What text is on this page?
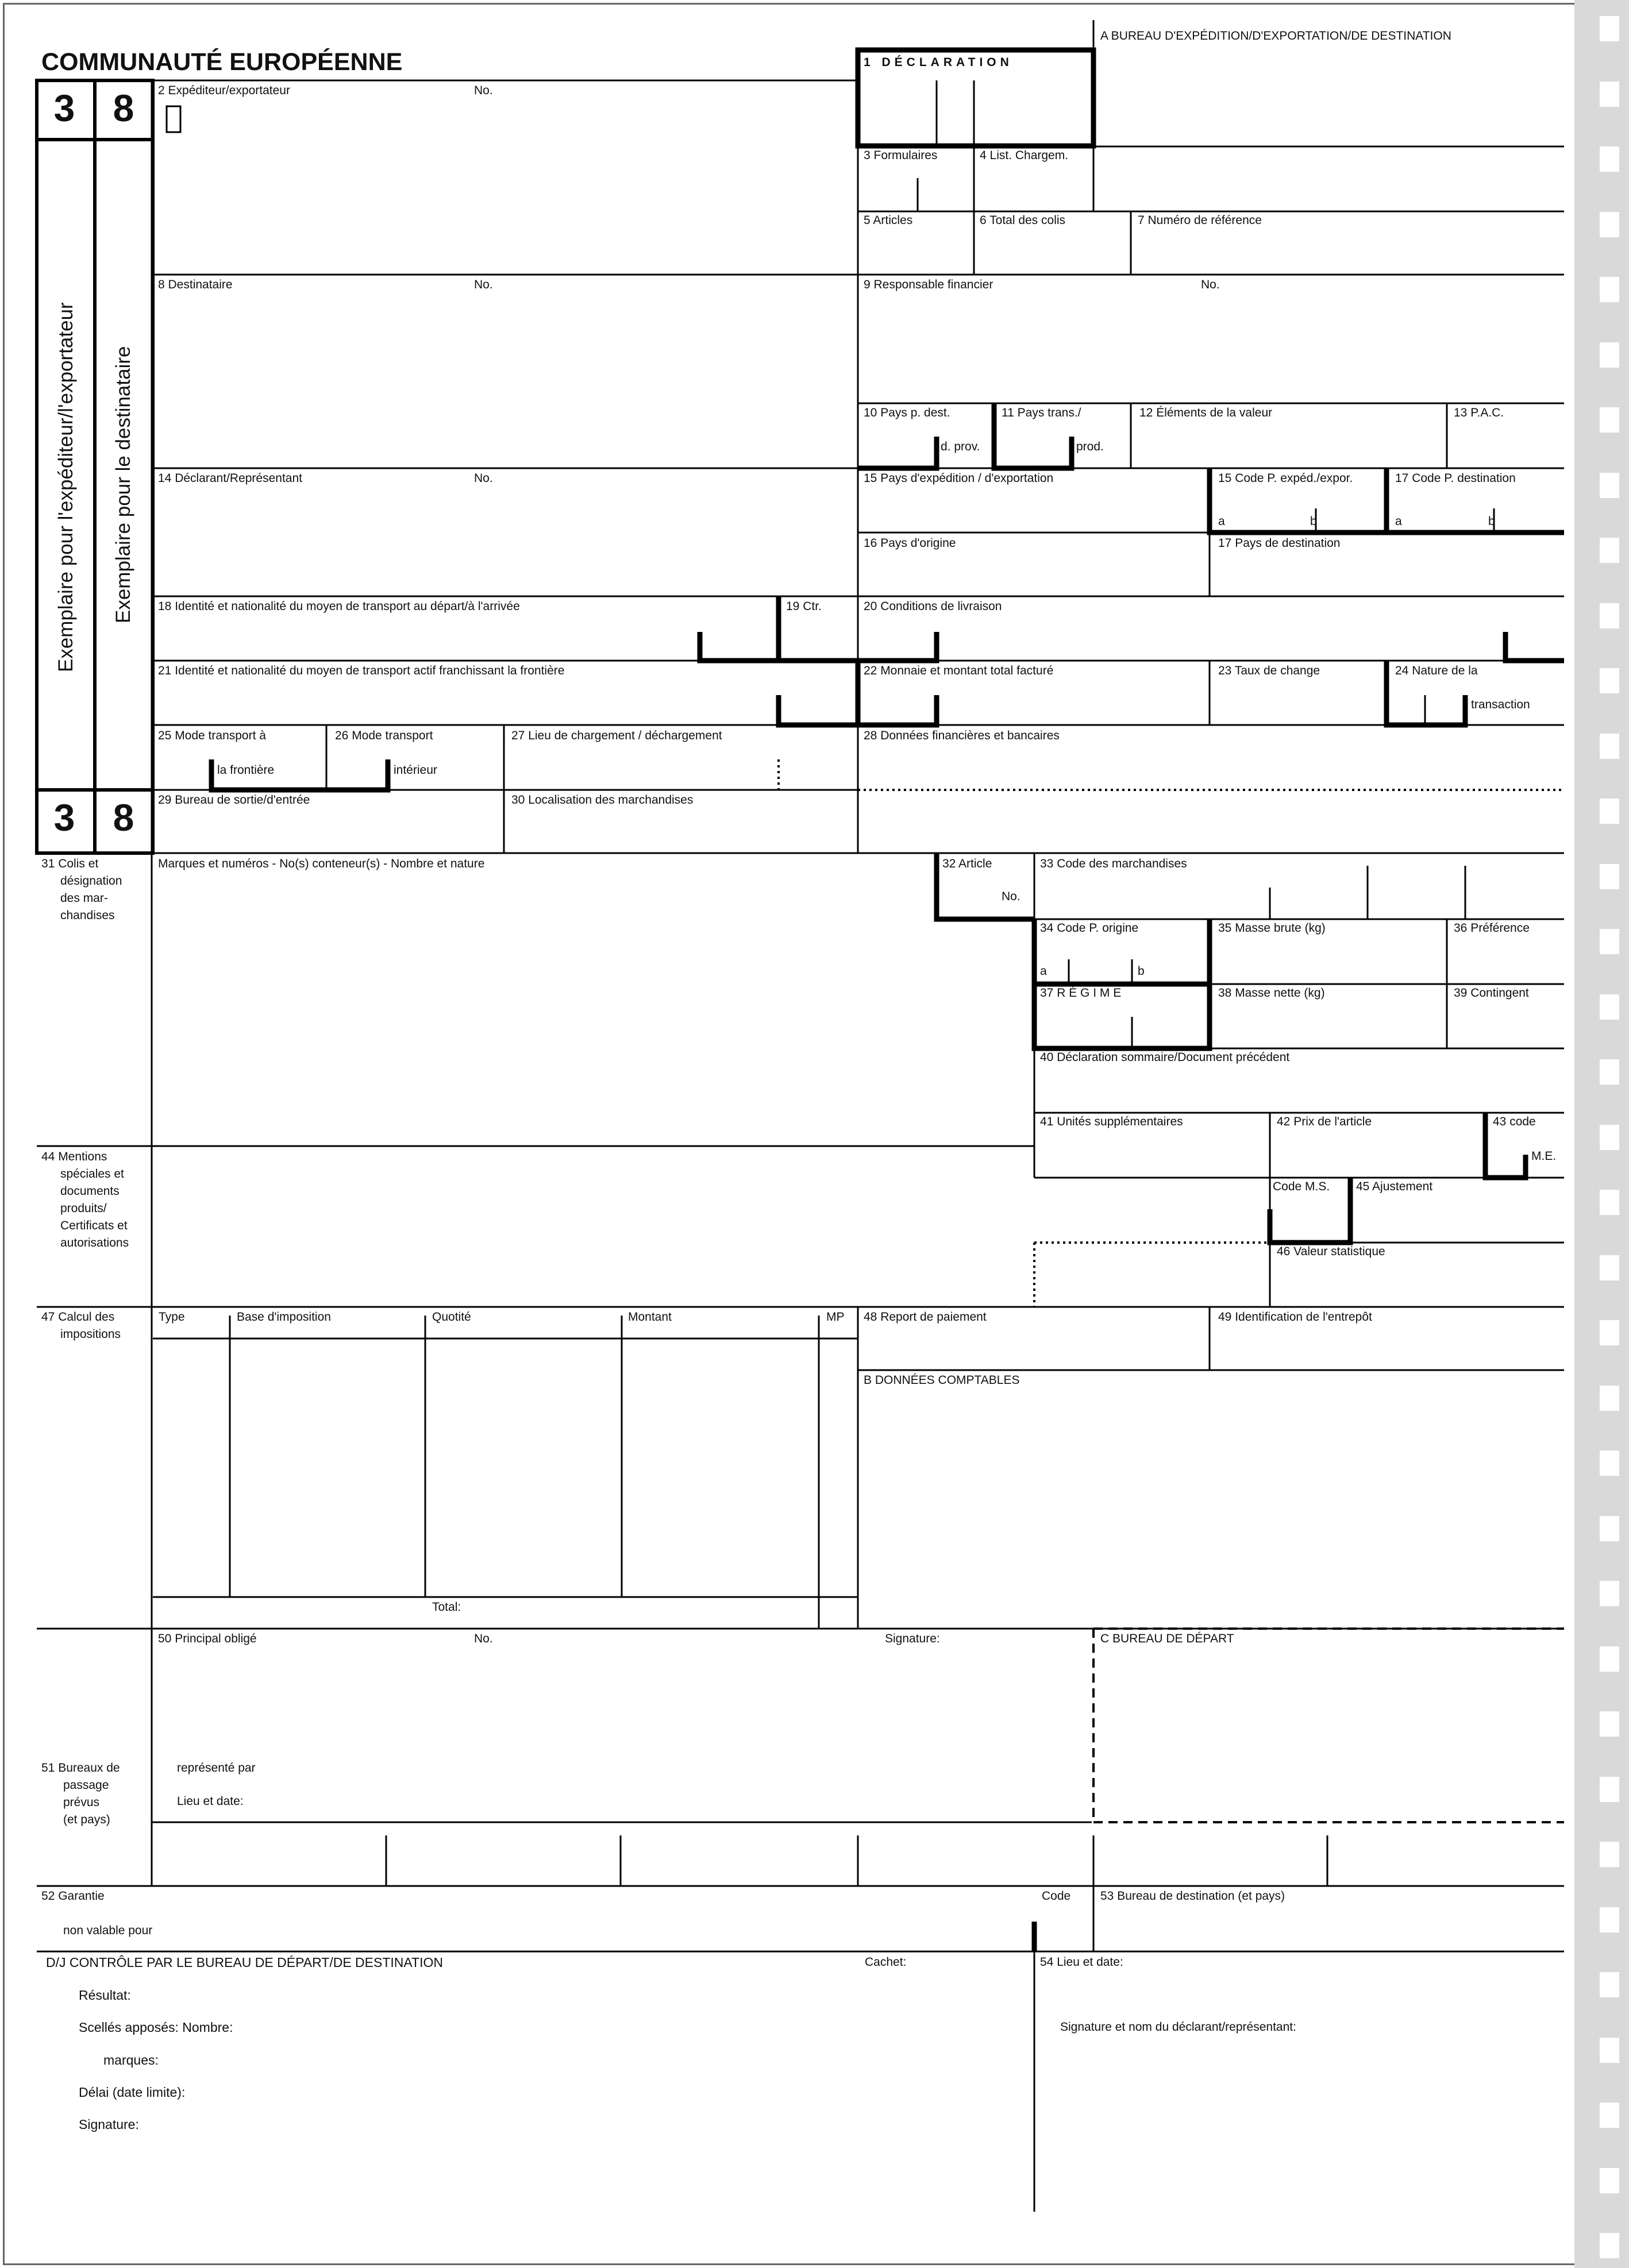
COMMUNAUTÉ EUROPÉENNE
3	8
3	8
Exemplaire pour l'expéditeur/l'exportateur Exemplaire pour le destinataire
A BUREAU D'EXPÉDITION/D'EXPORTATION/DE DESTINATION
1 DÉCLARATION
2 Expéditeur/exportateur	No.
3 Formulaires	4 List. Chargem.
5 Articles	6 Total des colis	7 Numéro de référence
8 Destinataire	No.	9 Responsable financier	No.
10 Pays p. dest.
d. prov.
11 Pays trans./
prod.
12 Éléments de la valeur	13 P.A.C.
14 Déclarant/Représentant	No.	15 Pays d'expédition / d'exportation	15 Code P. expéd./expor.	17 Code P. destination
a	b	a	b
16 Pays d'origine	17 Pays de destination
18 Identité et nationalité du moyen de transport au départ/à l'arrivée	19 Ctr.	20 Conditions de livraison
21 Identité et nationalité du moyen de transport actif franchissant la frontière	22 Monnaie et montant total facturé	23 Taux de change	24 Nature de la
transaction
25 Mode transport à
la frontière
26 Mode transport
intérieur
27 Lieu de chargement / déchargement	28 Données financières et bancaires
29 Bureau de sortie/d'entrée	30 Localisation des marchandises
31 Colis et
désignation
des mar-
chandises
Marques et numéros - No(s) conteneur(s) - Nombre et nature	32 Article
No.
33 Code des marchandises
34 Code P. origine
a	b
35 Masse brute (kg)	36 Préférence
37 R É G I M E	38 Masse nette (kg)	39 Contingent
40 Déclaration sommaire/Document précédent
41 Unités supplémentaires	42 Prix de l'article	43 code
M.E.
44 Mentions
spéciales et
documents
produits/
Certificats et
autorisations
Code M.S. 45 Ajustement
46 Valeur statistique
47 Calcul des
impositions
Type	Base d'imposition	Quotité	Montant	MP
Total:
48 Report de paiement	49 Identification de l'entrepôt
B DONNÉES COMPTABLES
50 Principal obligé	No.	Signature:	C BUREAU DE DÉPART
51 Bureaux de
passage
prévus
(et pays)
représenté par
Lieu et date:
52 Garantie
non valable pour
Code 53 Bureau de destination (et pays)
D/J CONTRÔLE PAR LE BUREAU DE DÉPART/DE DESTINATION	Cachet:	54 Lieu et date:
Résultat:
Scellés apposés: Nombre:
marques:
Délai (date limite):
Signature:
Signature et nom du déclarant/représentant:
